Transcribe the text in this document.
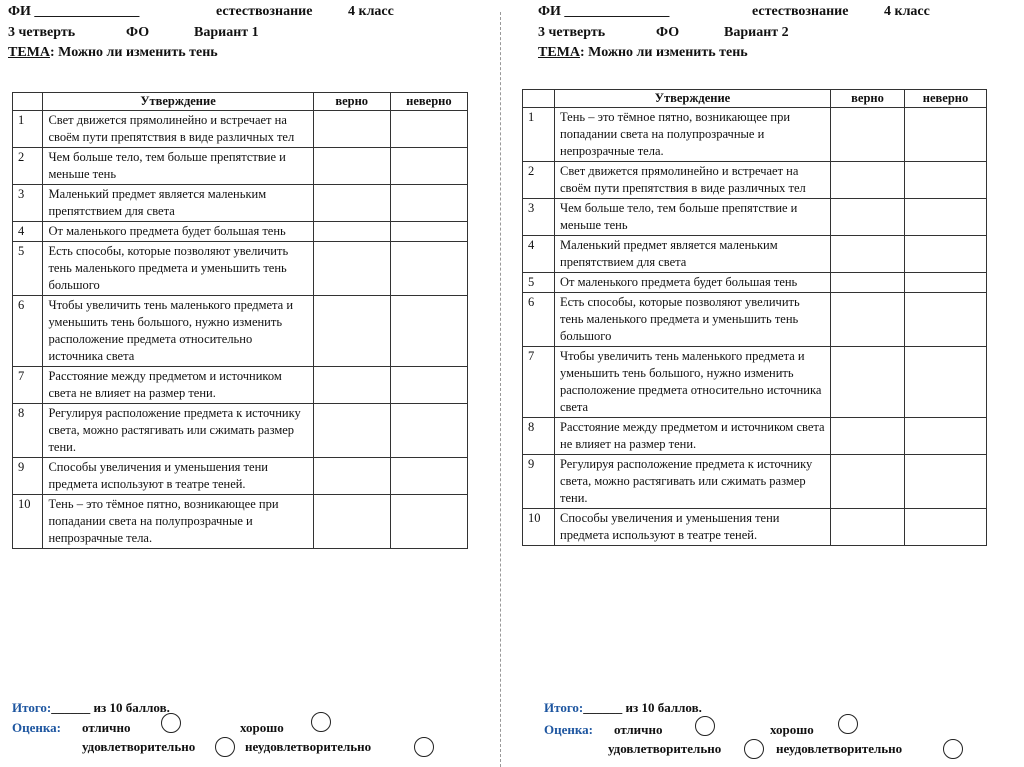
ФИ _______________	естествознание	4 класс
3 четверть	ФО	Вариант 1
ТЕМА: Можно ли изменить тень
	Утверждение	верно	неверно
1	Свет движется прямолинейно и встречает на своём пути препятствия в виде различных тел		
2	Чем больше тело, тем больше препятствие и меньше тень		
3	Маленький предмет является маленьким препятствием для света		
4	От маленького предмета будет большая тень		
5	Есть способы, которые позволяют увеличить тень маленького предмета и уменьшить тень большого		
6	Чтобы увеличить тень маленького предмета и уменьшить тень большого, нужно изменить расположение предмета относительно источника света		
7	Расстояние между предметом и источником света не влияет на размер тени.		
8	Регулируя расположение предмета к источнику света, можно растягивать или сжимать размер тени.		
9	Способы увеличения и уменьшения тени предмета используют в театре теней.		
10	Тень – это тёмное пятно, возникающее при попадании света на полупрозрачные и непрозрачные тела.		
Итого:______ из 10 баллов.
Оценка: отлично	хорошо
удовлетворительно	неудовлетворительно
ФИ _______________	естествознание	4 класс
3 четверть	ФО	Вариант 2
ТЕМА: Можно ли изменить тень
	Утверждение	верно	неверно
1	Тень – это тёмное пятно, возникающее при попадании света на полупрозрачные и непрозрачные тела.		
2	Свет движется прямолинейно и встречает на своём пути препятствия в виде различных тел		
3	Чем больше тело, тем больше препятствие и меньше тень		
4	Маленький предмет является маленьким препятствием для света		
5	От маленького предмета будет большая тень		
6	Есть способы, которые позволяют увеличить тень маленького предмета и уменьшить тень большого		
7	Чтобы увеличить тень маленького предмета и уменьшить тень большого, нужно изменить расположение предмета относительно источника света		
8	Расстояние между предметом и источником света не влияет на размер тени.		
9	Регулируя расположение предмета к источнику света, можно растягивать или сжимать размер тени.		
10	Способы увеличения и уменьшения тени предмета используют в театре теней.		
Итого:______ из 10 баллов.
Оценка: отлично	хорошо
удовлетворительно	неудовлетворительно
